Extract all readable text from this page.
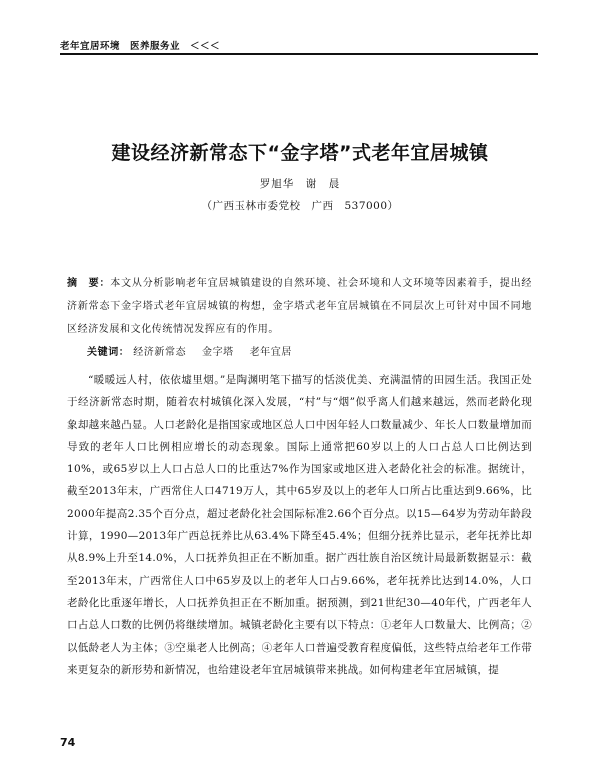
老年宜居环境　医养服务业　＜＜＜
建设经济新常态下“金字塔”式老年宜居城镇
罗旭华　谢　晨
（广西玉林市委党校　广西　537000）
摘　要：本文从分析影响老年宜居城镇建设的自然环境、社会环境和人文环境等因素着手，提出经济新常态下金字塔式老年宜居城镇的构想，金字塔式老年宜居城镇在不同层次上可针对中国不同地区经济发展和文化传统情况发挥应有的作用。
关键词： 经济新常态 金字塔 老年宜居
“暖暖远人村，依依墟里烟。”是陶渊明笔下描写的恬淡优美、充满温情的田园生活。我国正处于经济新常态时期，随着农村城镇化深入发展，“村”与“烟”似乎离人们越来越远，然而老龄化现象却越来越凸显。人口老龄化是指国家或地区总人口中因年轻人口数量减少、年长人口数量增加而导致的老年人口比例相应增长的动态现象。国际上通常把60岁以上的人口占总人口比例达到10%，或65岁以上人口占总人口的比重达7%作为国家或地区进入老龄化社会的标准。据统计，截至2013年末，广西常住人口4719万人，其中65岁及以上的老年人口所占比重达到9.66%，比2000年提高2.35个百分点，超过老龄化社会国际标准2.66个百分点。以15—64岁为劳动年龄段计算，1990—2013年广西总抚养比从63.4%下降至45.4%；但细分抚养比显示，老年抚养比却从8.9%上升至14.0%，人口抚养负担正在不断加重。据广西壮族自治区统计局最新数据显示：截至2013年末，广西常住人口中65岁及以上的老年人口占9.66%，老年抚养比达到14.0%，人口老龄化比重逐年增长，人口抚养负担正在不断加重。据预测，到21世纪30—40年代，广西老年人口占总人口数的比例仍将继续增加。城镇老龄化主要有以下特点：①老年人口数量大、比例高；②以低龄老人为主体；③空巢老人比例高；④老年人口普遍受教育程度偏低，这些特点给老年工作带来更复杂的新形势和新情况，也给建设老年宜居城镇带来挑战。如何构建老年宜居城镇，提
74
